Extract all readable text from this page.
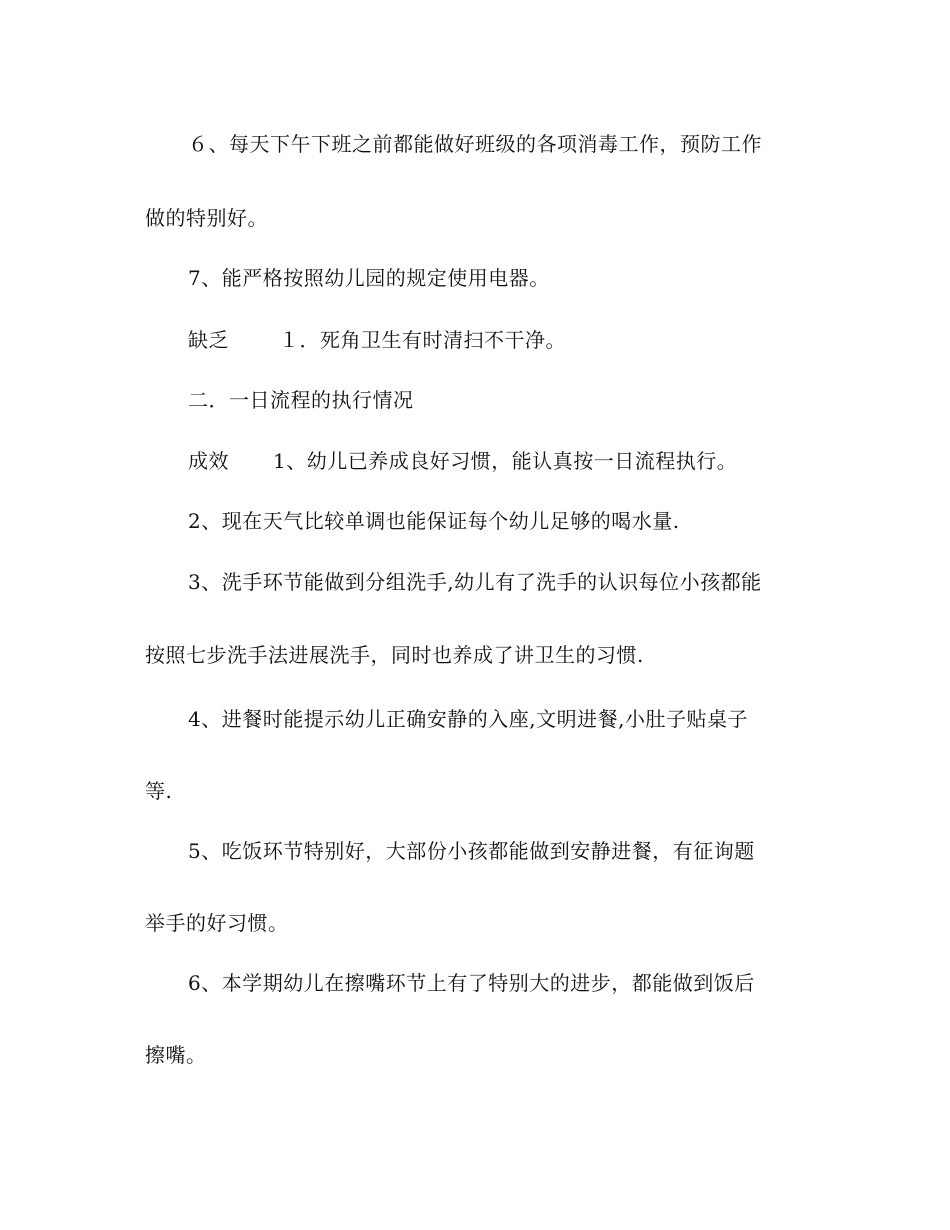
６、每天下午下班之前都能做好班级的各项消毒工作，预防工作
做的特别好。
7、能严格按照幼儿园的规定使用电器。
缺乏	１．死角卫生有时清扫不干净。
二．一日流程的执行情况
成效 1、幼儿已养成良好习惯，能认真按一日流程执行。
2、现在天气比较单调也能保证每个幼儿足够的喝水量.
3、洗手环节能做到分组洗手,幼儿有了洗手的认识每位小孩都能
按照七步洗手法进展洗手，同时也养成了讲卫生的习惯.
4、进餐时能提示幼儿正确安静的入座,文明进餐,小肚子贴桌子
等.
5、吃饭环节特别好，大部份小孩都能做到安静进餐，有征询题
举手的好习惯。
6、本学期幼儿在擦嘴环节上有了特别大的进步，都能做到饭后
擦嘴。
